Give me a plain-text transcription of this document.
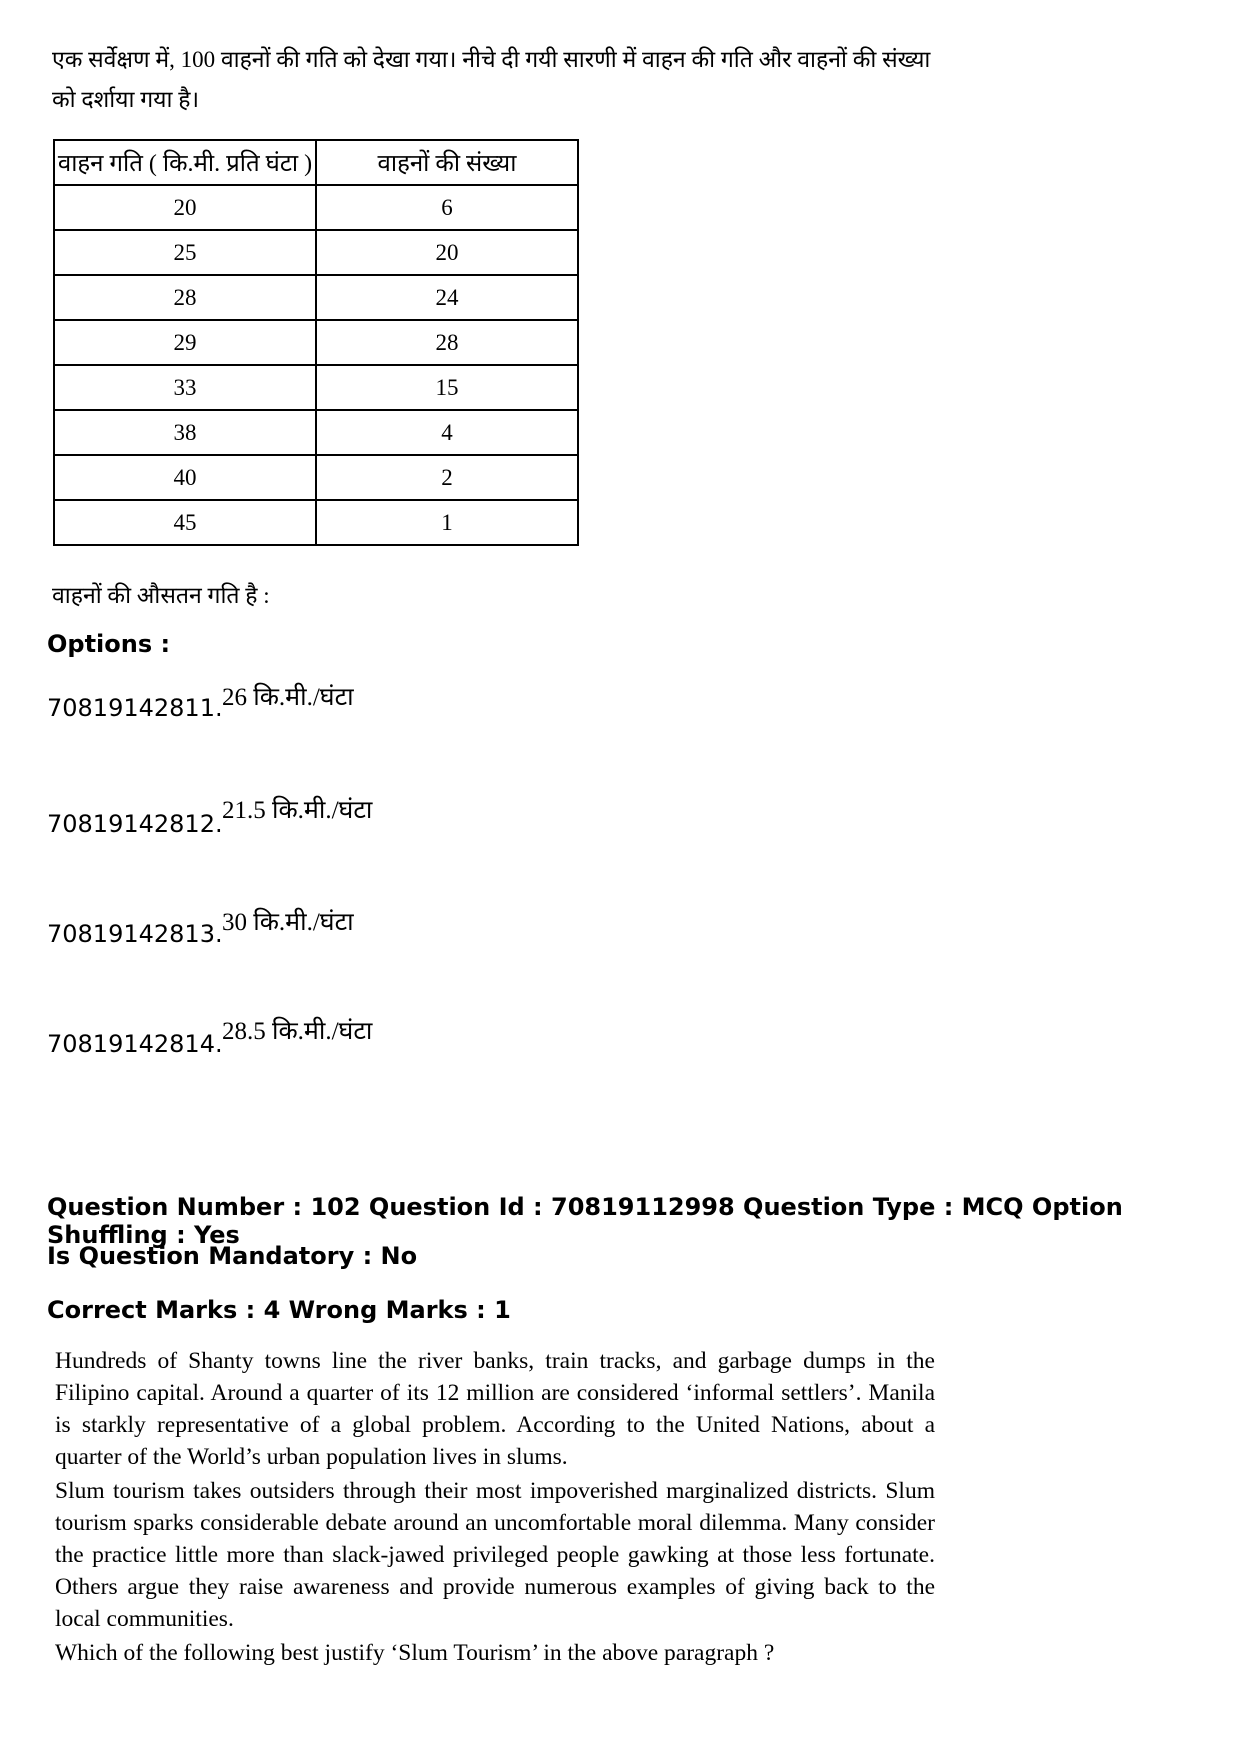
एक सर्वेक्षण में, 100 वाहनों की गति को देखा गया। नीचे दी गयी सारणी में वाहन की गति और वाहनों की संख्या को दर्शाया गया है।
वाहन गति ( कि.मी. प्रति घंटा )	वाहनों की संख्या
20	6
25	20
28	24
29	28
33	15
38	4
40	2
45	1
वाहनों की औसतन गति है :
Options :
70819142811. 26 कि.मी./घंटा
70819142812. 21.5 कि.मी./घंटा
70819142813. 30 कि.मी./घंटा
70819142814. 28.5 कि.मी./घंटा
Question Number : 102 Question Id : 70819112998 Question Type : MCQ Option Shuffling : Yes
Is Question Mandatory : No
Correct Marks : 4 Wrong Marks : 1

Hundreds of Shanty towns line the river banks, train tracks, and garbage dumps in the Filipino capital. Around a quarter of its 12 million are considered ‘informal settlers’. Manila is starkly representative of a global problem. According to the United Nations, about a quarter of the World’s urban population lives in slums.

Slum tourism takes outsiders through their most impoverished marginalized districts. Slum tourism sparks considerable debate around an uncomfortable moral dilemma. Many consider the practice little more than slack-jawed privileged people gawking at those less fortunate. Others argue they raise awareness and provide numerous examples of giving back to the local communities.

Which of the following best justify ‘Slum Tourism’ in the above paragraph ?
